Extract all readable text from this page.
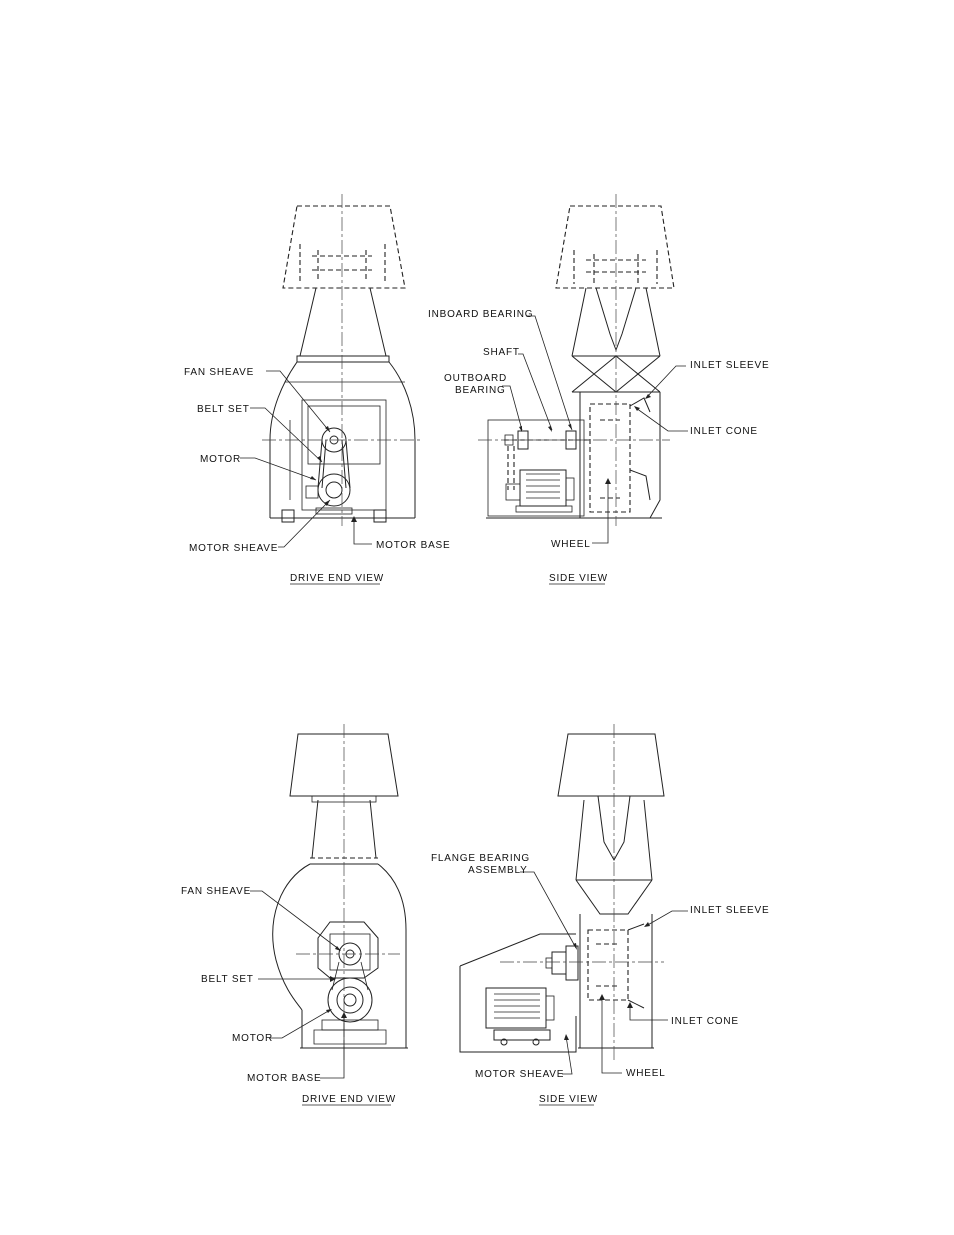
FAN SHEAVE
BELT SET
MOTOR
MOTOR SHEAVE	MOTOR BASE
DRIVE END VIEW
INBOARD BEARING
SHAFT
OUTBOARD
BEARING
INLET SLEEVE
INLET CONE
WHEEL
SIDE VIEW
FAN SHEAVE
BELT SET
MOTOR
MOTOR BASE
DRIVE END VIEW
FLANGE BEARING
ASSEMBLY
INLET SLEEVE
INLET CONE
MOTOR SHEAVE	WHEEL
SIDE VIEW
